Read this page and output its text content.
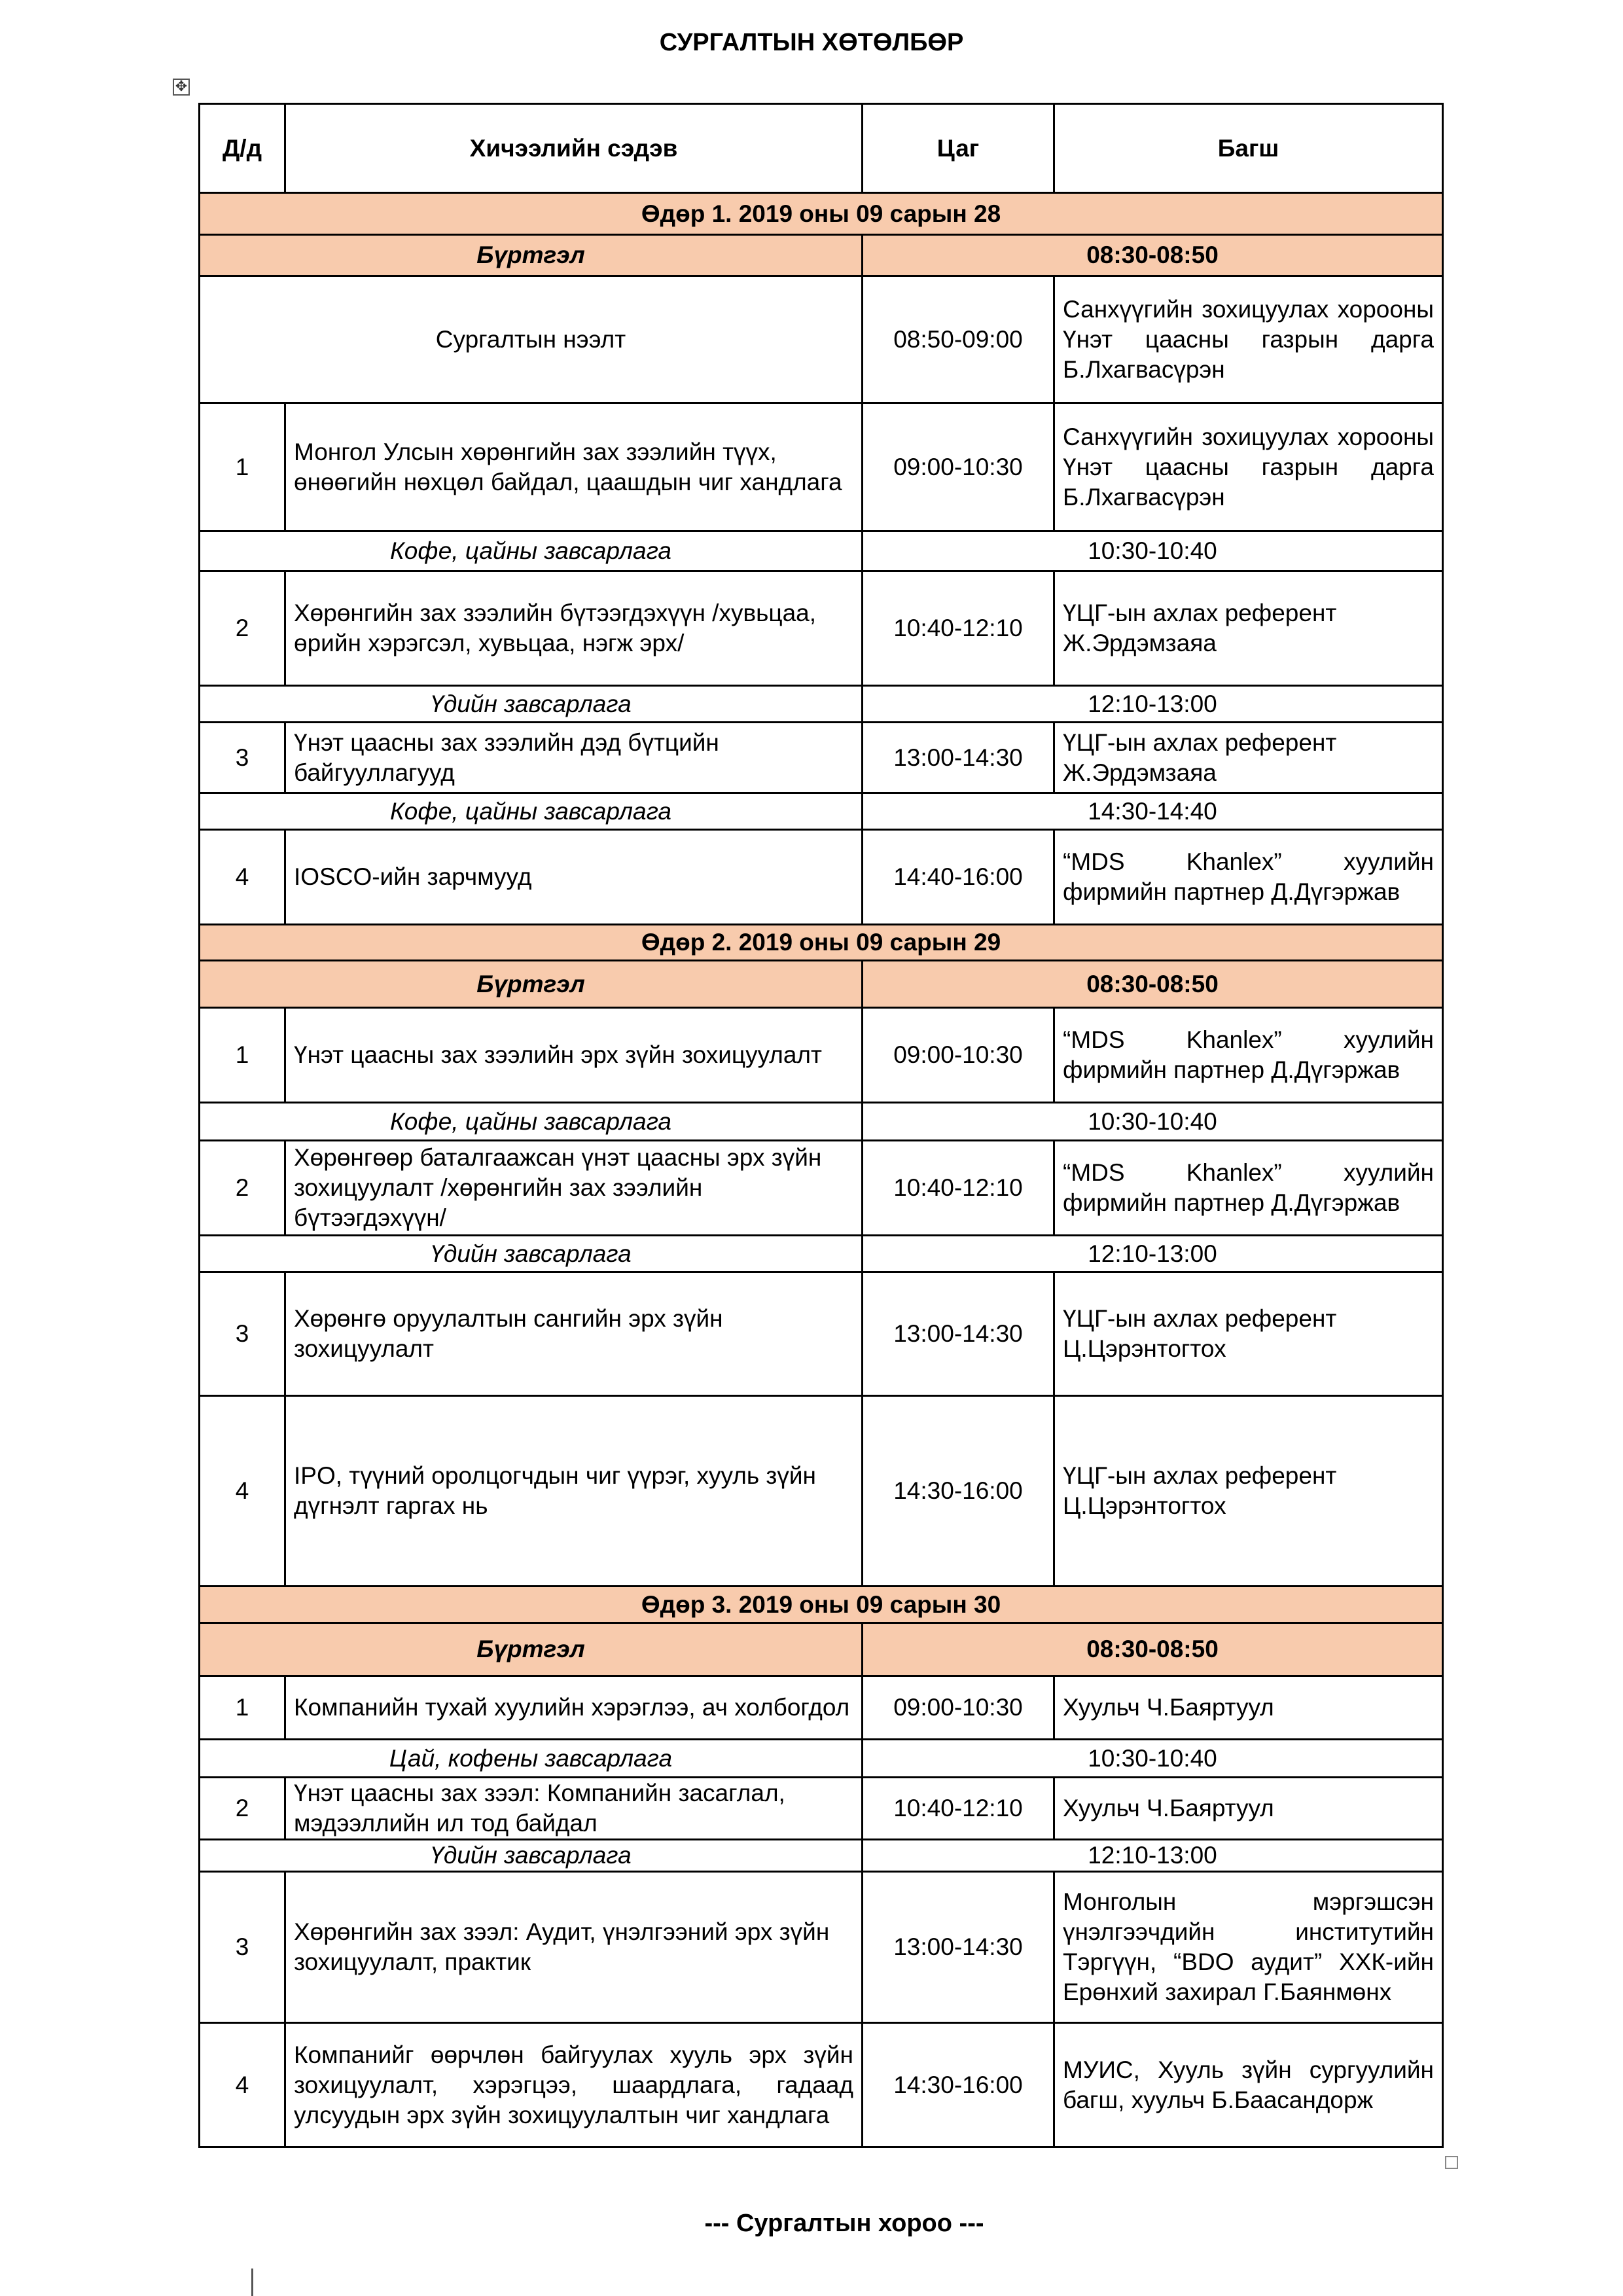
СУРГАЛТЫН ХӨТӨЛБӨР
✥
Д/д	Хичээлийн сэдэв	Цаг	Багш
Өдөр 1. 2019 оны 09 сарын 28			
Бүртгэл		08:30-08:50	
Сургалтын нээлт		08:50-09:00	Санхүүгийн зохицуулах хорооны Үнэт цаасны газрын дарга Б.Лхагвасүрэн
1	Монгол Улсын хөрөнгийн зах зээлийн түүх, өнөөгийн нөхцөл байдал, цаашдын чиг хандлага	09:00-10:30	Санхүүгийн зохицуулах хорооны Үнэт цаасны газрын дарга Б.Лхагвасүрэн
Кофе, цайны завсарлага		10:30-10:40	
2	Хөрөнгийн зах зээлийн бүтээгдэхүүн /хувьцаа, өрийн хэрэгсэл, хувьцаа, нэгж эрх/	10:40-12:10	ҮЦГ-ын ахлах референт Ж.Эрдэмзаяа
Үдийн завсарлага		12:10-13:00	
3	Үнэт цаасны зах зээлийн дэд бүтцийн байгууллагууд	13:00-14:30	ҮЦГ-ын ахлах референт Ж.Эрдэмзаяа
Кофе, цайны завсарлага		14:30-14:40	
4	IOSCO-ийн зарчмууд	14:40-16:00	“MDS Khanlex” хуулийн фирмийн партнер Д.Дүгэржав
Өдөр 2. 2019 оны 09 сарын 29			
Бүртгэл		08:30-08:50	
1	Үнэт цаасны зах зээлийн эрх зүйн зохицуулалт	09:00-10:30	“MDS Khanlex” хуулийн фирмийн партнер Д.Дүгэржав
Кофе, цайны завсарлага		10:30-10:40	
2	Хөрөнгөөр баталгаажсан үнэт цаасны эрх зүйн зохицуулалт /хөрөнгийн зах зээлийн бүтээгдэхүүн/	10:40-12:10	“MDS Khanlex” хуулийн фирмийн партнер Д.Дүгэржав
Үдийн завсарлага		12:10-13:00	
3	Хөрөнгө оруулалтын сангийн эрх зүйн зохицуулалт	13:00-14:30	ҮЦГ-ын ахлах референт Ц.Цэрэнтогтох
4	IPO, түүний оролцогчдын чиг үүрэг, хууль зүйн дүгнэлт гаргах нь	14:30-16:00	ҮЦГ-ын ахлах референт Ц.Цэрэнтогтох
Өдөр 3. 2019 оны 09 сарын 30			
Бүртгэл		08:30-08:50	
1	Компанийн тухай хуулийн хэрэглээ, ач холбогдол	09:00-10:30	Хуульч Ч.Баяртуул
Цай, кофены завсарлага		10:30-10:40	
2	Үнэт цаасны зах зээл: Компанийн засаглал, мэдээллийн ил тод байдал	10:40-12:10	Хуульч Ч.Баяртуул
Үдийн завсарлага		12:10-13:00	
3	Хөрөнгийн зах зээл: Аудит, үнэлгээний эрх зүйн зохицуулалт, практик	13:00-14:30	Монголын мэргэшсэн үнэлгээчдийн институтийн Тэргүүн, “BDO аудит” ХХК-ийн Ерөнхий захирал Г.Баянмөнх
4	Компанийг өөрчлөн байгуулах хууль эрх зүйн зохицуулалт, хэрэгцээ, шаардлага, гадаад улсуудын эрх зүйн зохицуулалтын чиг хандлага	14:30-16:00	МУИС, Хууль зүйн сургуулийн багш, хуульч Б.Баасандорж
--- Сургалтын хороо ---
